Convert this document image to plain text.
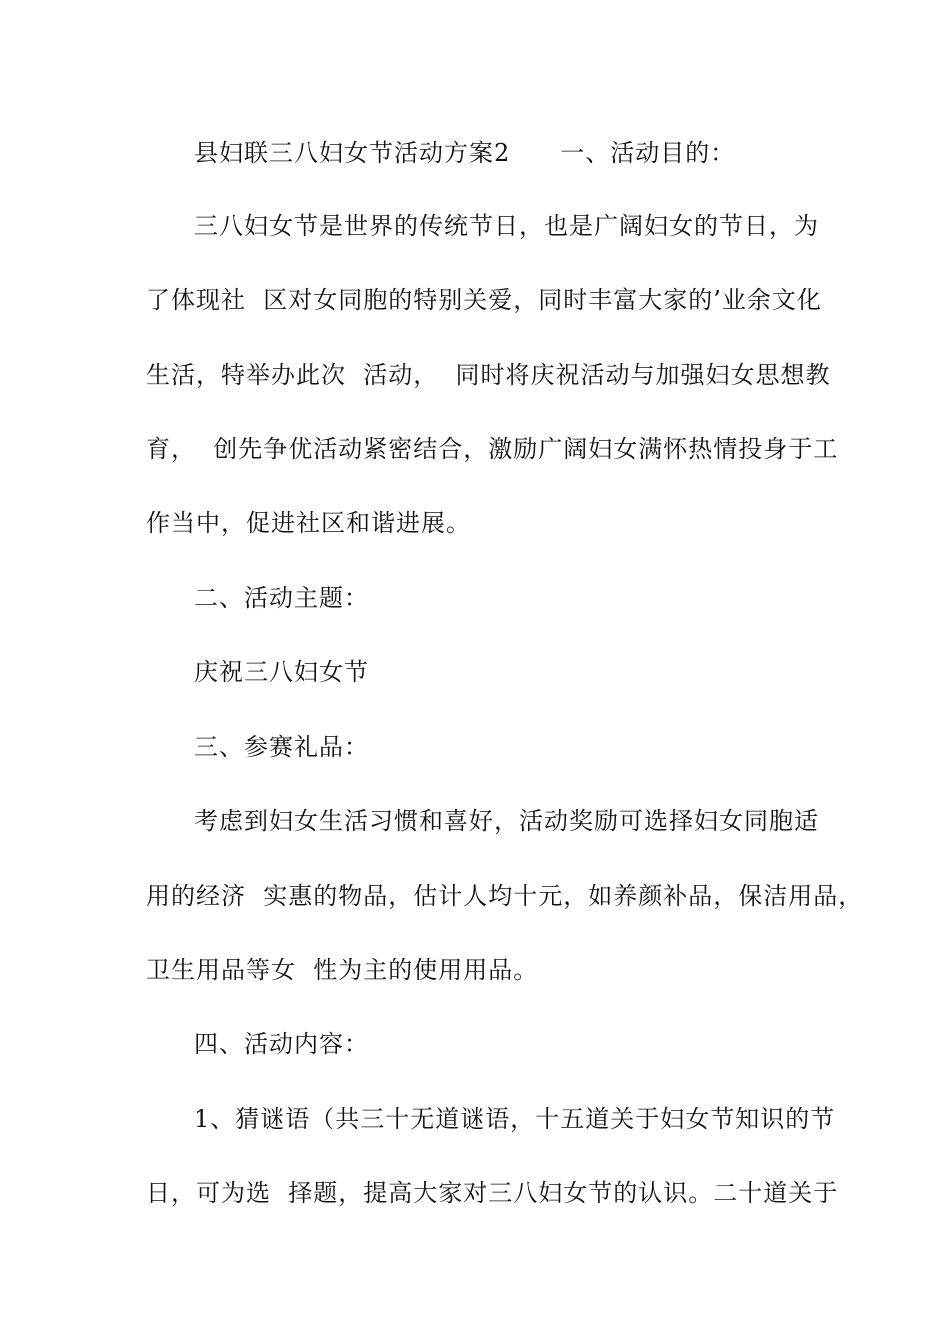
县妇联三八妇女节活动方案2　　一、活动目的：
三八妇女节是世界的传统节日，也是广阔妇女的节日，为
了体现社  区对女同胞的特别关爱，同时丰富大家的’业余文化
生活，特举办此次  活动，  同时将庆祝活动与加强妇女思想教
育，  创先争优活动紧密结合，激励广阔妇女满怀热情投身于工
作当中，促进社区和谐进展。
二、活动主题：
庆祝三八妇女节
三、参赛礼品：
考虑到妇女生活习惯和喜好，活动奖励可选择妇女同胞适
用的经济  实惠的物品，估计人均十元，如养颜补品，保洁用品，
卫生用品等女  性为主的使用用品。
四、活动内容：
1、猜谜语（共三十无道谜语，十五道关于妇女节知识的节
日，可为选  择题，提高大家对三八妇女节的认识。二十道关于
